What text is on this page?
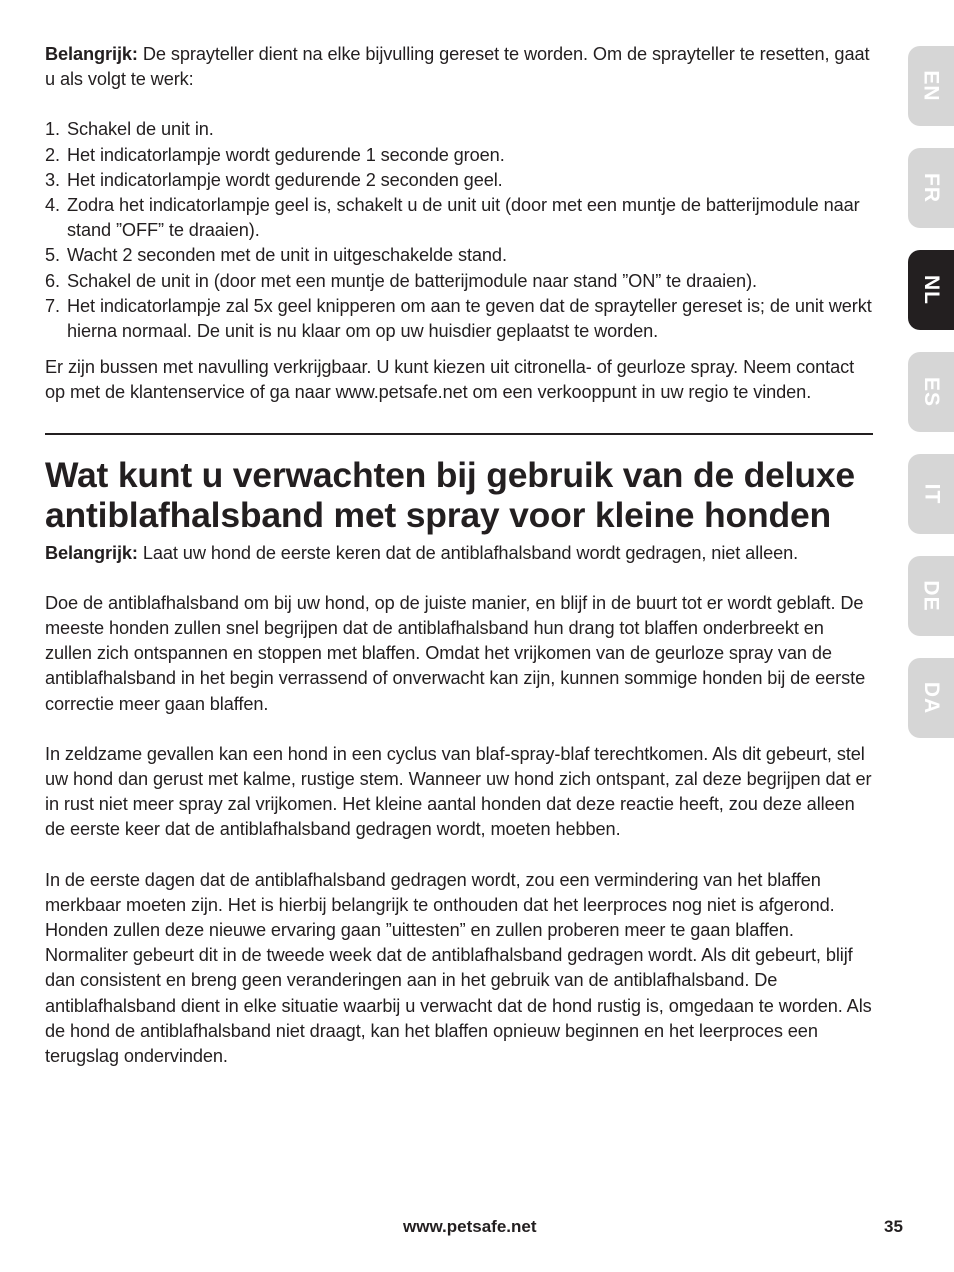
Belangrijk: De sprayteller dient na elke bijvulling gereset te worden. Om de sprayteller te resetten, gaat u als volgt te werk:

1. Schakel de unit in.
2. Het indicatorlampje wordt gedurende 1 seconde groen.
3. Het indicatorlampje wordt gedurende 2 seconden geel.
4. Zodra het indicatorlampje geel is, schakelt u de unit uit (door met een muntje de batterijmodule naar stand ”OFF” te draaien).
5. Wacht 2 seconden met de unit in uitgeschakelde stand.
6. Schakel de unit in (door met een muntje de batterijmodule naar stand ”ON” te draaien).
7. Het indicatorlampje zal 5x geel knipperen om aan te geven dat de sprayteller gereset is; de unit werkt hierna normaal. De unit is nu klaar om op uw huisdier geplaatst te worden.

Er zijn bussen met navulling verkrijgbaar. U kunt kiezen uit citronella- of geurloze spray. Neem contact op met de klantenservice of ga naar www.petsafe.net om een verkooppunt in uw regio te vinden.

Wat kunt u verwachten bij gebruik van de deluxe antiblafhalsband met spray voor kleine honden

Belangrijk: Laat uw hond de eerste keren dat de antiblafhalsband wordt gedragen, niet alleen.

Doe de antiblafhalsband om bij uw hond, op de juiste manier, en blijf in de buurt tot er wordt geblaft. De meeste honden zullen snel begrijpen dat de antiblafhalsband hun drang tot blaffen onderbreekt en zullen zich ontspannen en stoppen met blaffen. Omdat het vrijkomen van de geurloze spray van de antiblafhalsband in het begin verrassend of onverwacht kan zijn, kunnen sommige honden bij de eerste correctie meer gaan blaffen.

In zeldzame gevallen kan een hond in een cyclus van blaf-spray-blaf terechtkomen. Als dit gebeurt, stel uw hond dan gerust met kalme, rustige stem. Wanneer uw hond zich ontspant, zal deze begrijpen dat er in rust niet meer spray zal vrijkomen. Het kleine aantal honden dat deze reactie heeft, zou deze alleen de eerste keer dat de antiblafhalsband gedragen wordt, moeten hebben.

In de eerste dagen dat de antiblafhalsband gedragen wordt, zou een vermindering van het blaffen merkbaar moeten zijn. Het is hierbij belangrijk te onthouden dat het leerproces nog niet is afgerond. Honden zullen deze nieuwe ervaring gaan ”uittesten” en zullen proberen meer te gaan blaffen. Normaliter gebeurt dit in de tweede week dat de antiblafhalsband gedragen wordt. Als dit gebeurt, blijf dan consistent en breng geen veranderingen aan in het gebruik van de antiblafhalsband. De antiblafhalsband dient in elke situatie waarbij u verwacht dat de hond rustig is, omgedaan te worden. Als de hond de antiblafhalsband niet draagt, kan het blaffen opnieuw beginnen en het leerproces een terugslag ondervinden.

EN
FR
NL
ES
IT
DE
DA
www.petsafe.net	35
